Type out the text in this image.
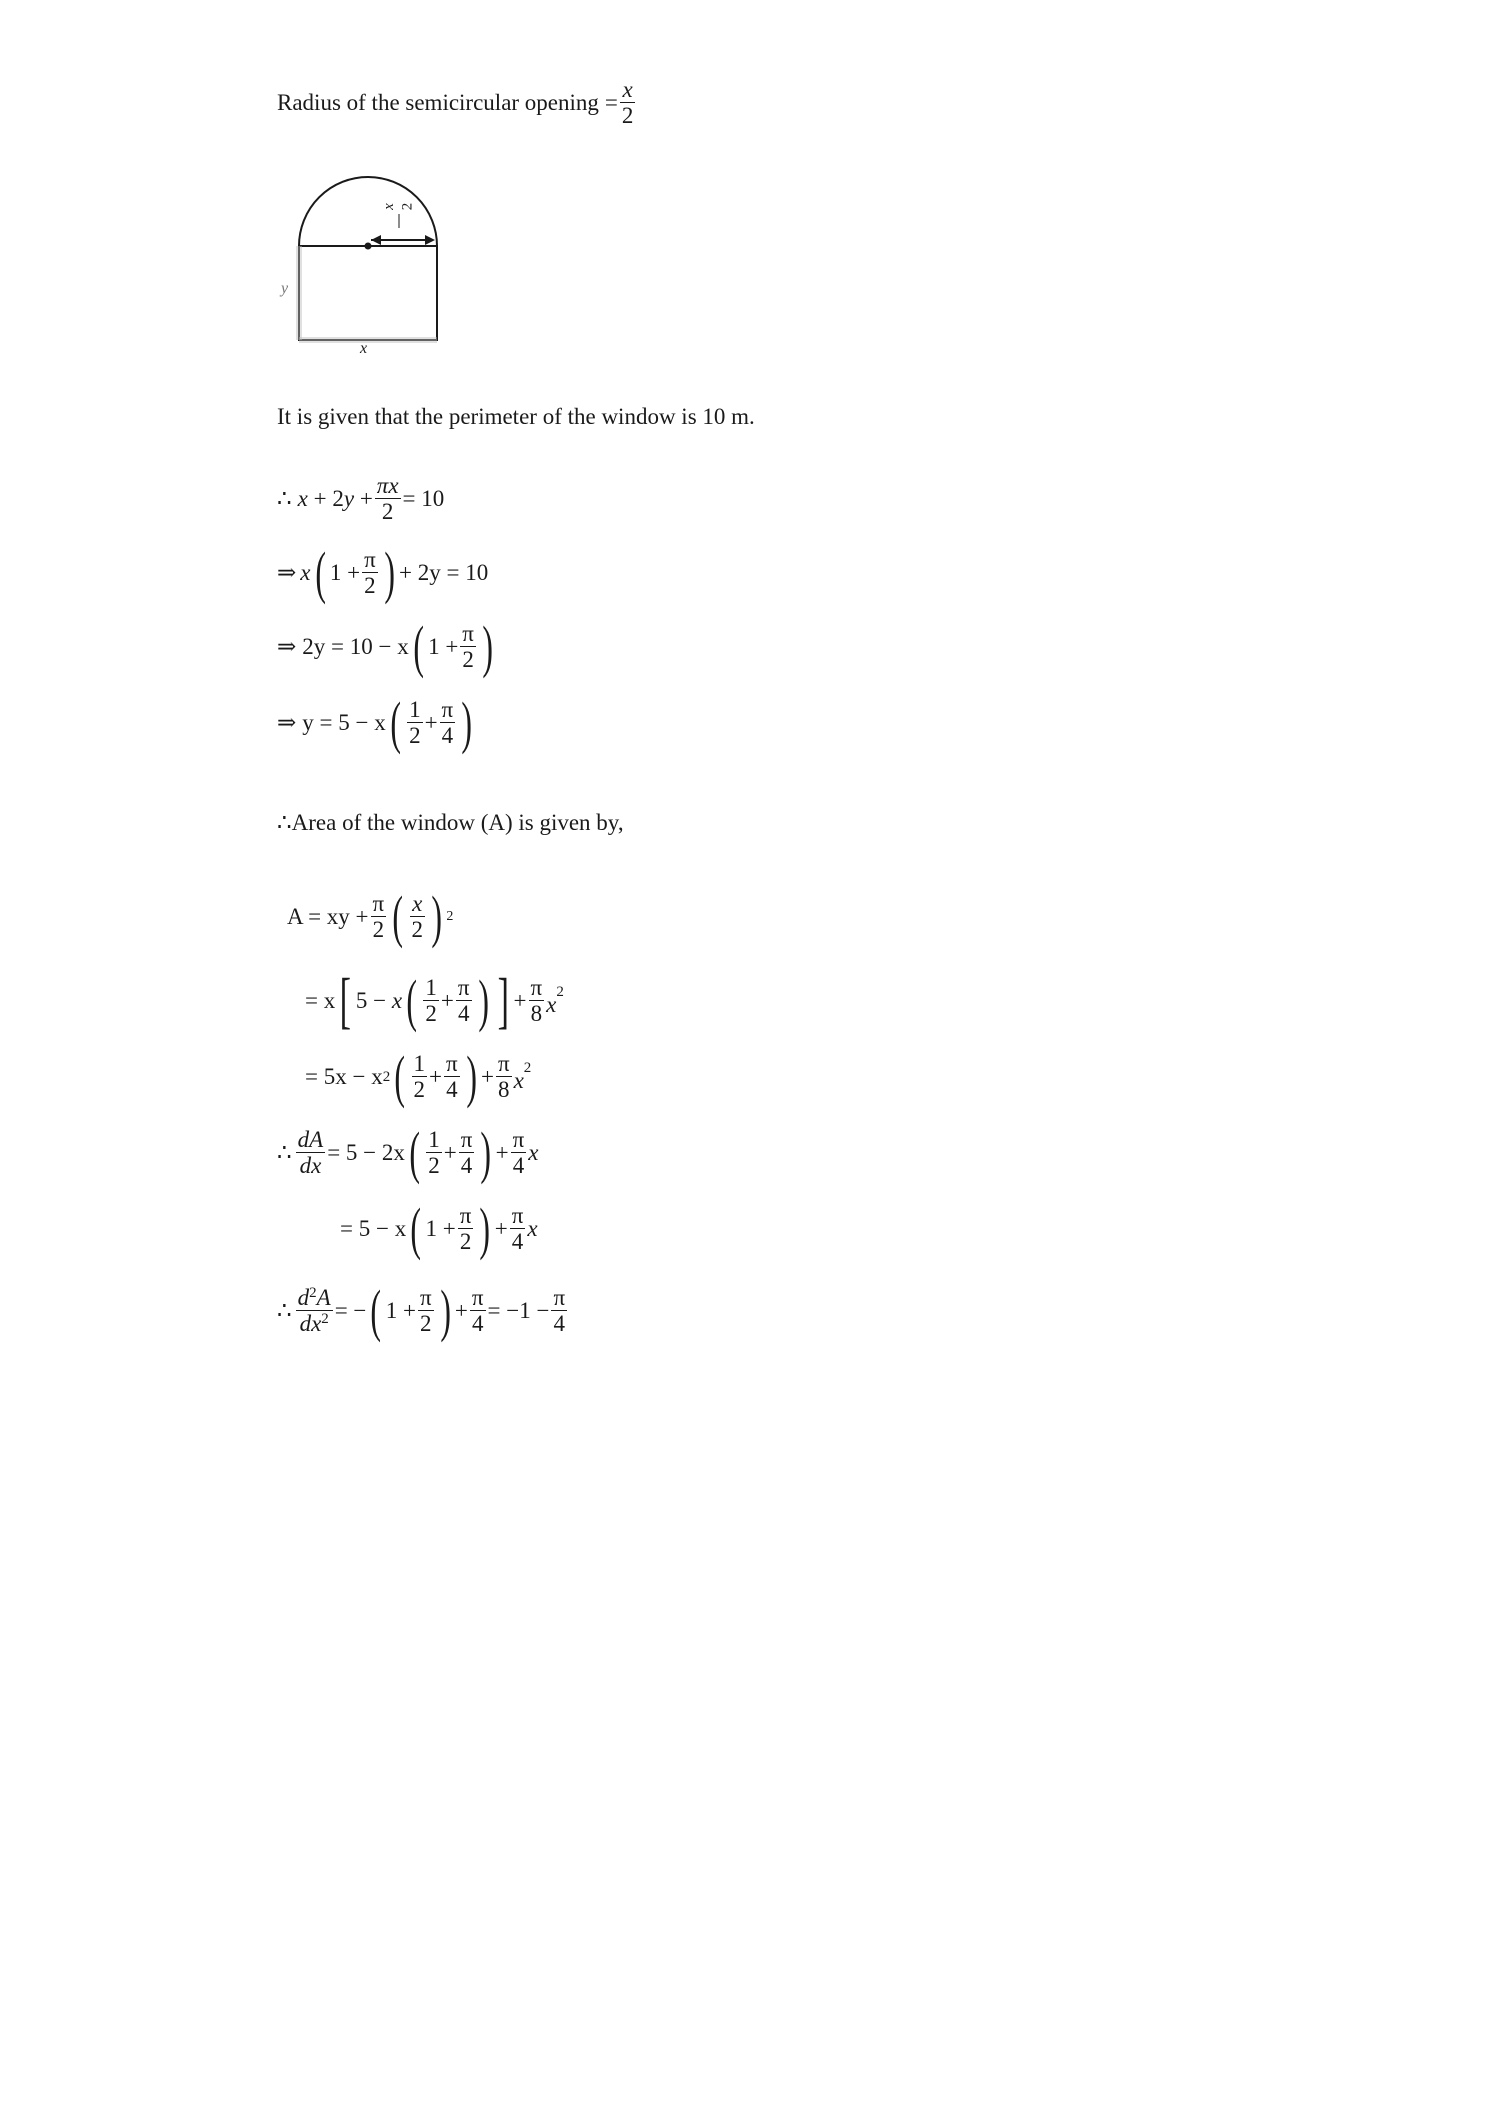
Radius of the semicircular opening = $\frac{x}{2}$
x 2
y
x
It is given that the perimeter of the window is 10 m.
∴ $x + 2y + \frac{\pi x}{2} = 10$
⇒ x ( $1 + \frac{\pi}{2}$ ) + 2y = 10
⇒ 2y = 10 − x ( $1 + \frac{\pi}{2}$ )
⇒ y = 5 − x ( $\frac{1}{2} + \frac{\pi}{4}$ )
∴ Area of the window (A) is given by,
A = xy + $\frac{\pi}{2}$ ( $\frac{x}{2}$ ) 2
= x [ 5 − x ( $\frac{1}{2} + \frac{\pi}{4}$ ) ] + $\frac{\pi}{8} x^2$
= 5x − x 2 ( $\frac{1}{2} + \frac{\pi}{4}$ ) + $\frac{\pi}{8} x^2$
∴ $\frac{dA}{dx} = 5 - 2x$ ( $\frac{1}{2} + \frac{\pi}{4}$ ) + $\frac{\pi}{4}$ x
= 5 − x ( $1 + \frac{\pi}{2}$ ) + $\frac{\pi}{4}$ x
∴ $\frac{d^2A}{dx^2}$ = − ( $1 + \frac{\pi}{2}$ ) + $\frac{\pi}{4} = -1 - \frac{\pi}{4}$
